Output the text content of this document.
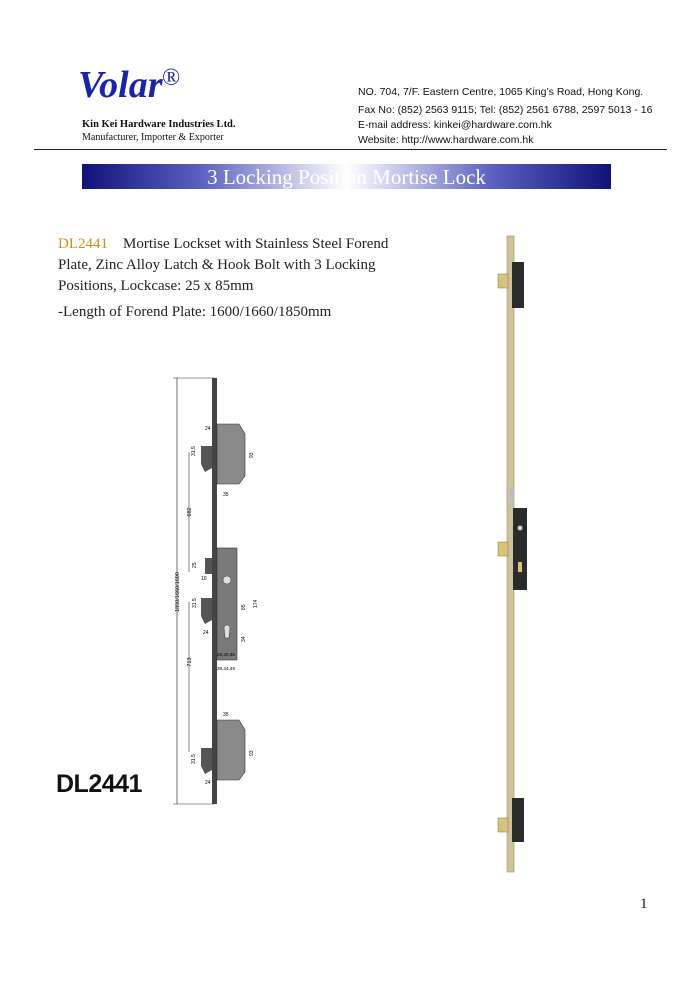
Volar ®
Kin Kei Hardware Industries Ltd.
Manufacturer, Importer & Exporter
NO. 704, 7/F. Eastern Centre, 1065 King’s Road, Hong Kong.
Fax No: (852) 2563 9115; Tel: (852) 2561 6788, 2597 5013 - 16
E-mail address: kinkei@hardware.com.hk
Website: http://www.hardware.com.hk
3 Locking Position Mortise Lock
DL2441 Mortise Lockset with Stainless Steel Forend Plate, Zinc Alloy Latch & Hook Bolt with 3 Locking Positions, Lockcase: 25 x 85mm
-Length of Forend Plate: 1600/1660/1850mm
1850/1660/1600
682
713
24
31.5	93
35
25
10
85 174
31.5
24
34
25,30,35
39,44,49
35
31.5
93
24
DL2441
1
